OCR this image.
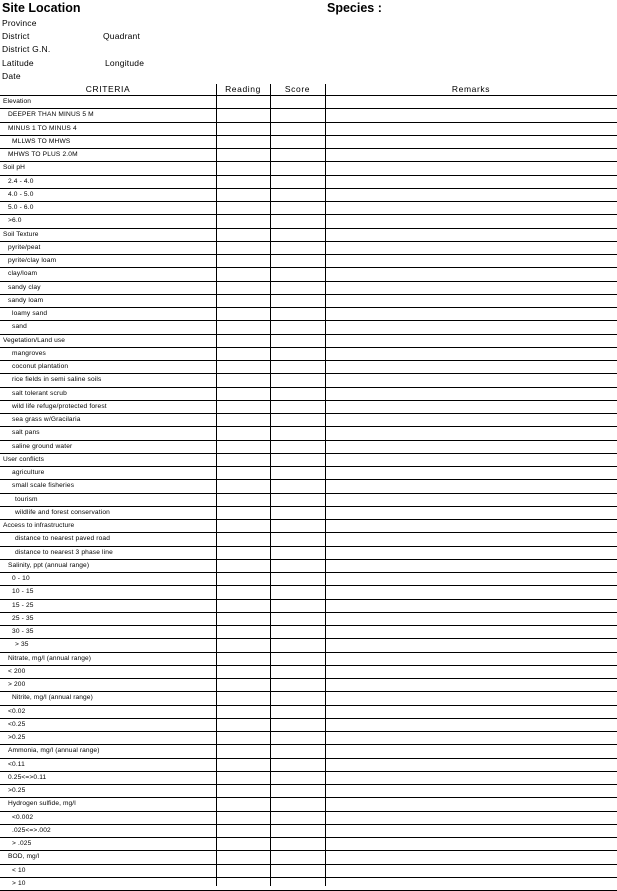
Site Location	Species :
Province
District	Quadrant
District G.N.
Latitude	Longitude
Date
CRITERIA	Reading	Score	Remarks
Elevation
DEEPER THAN MINUS 5 M
MINUS 1 TO MINUS 4
MLLWS TO MHWS
MHWS TO PLUS 2.0M
Soil pH
2.4 - 4.0
4.0 - 5.0
5.0 - 6.0
>6.0
Soil Texture
pyrite/peat
pyrite/clay loam
clay/loam
sandy clay
sandy loam
loamy sand
sand
Vegetation/Land use
mangroves
coconut plantation
rice fields in semi saline soils
salt tolerant scrub
wild life refuge/protected forest
sea grass w/Gracilaria
salt pans
saline ground water
User conflicts
agriculture
small scale fisheries
tourism
wildlife and forest conservation
Access to infrastructure
distance to nearest paved road
distance to nearest 3 phase line
Salinity, ppt (annual range)
0 - 10
10 - 15
15 - 25
25 - 35
30 - 35
> 35
Nitrate, mg/l (annual range)
< 200
> 200
Nitrite, mg/l (annual range)
<0.02
<0.25
>0.25
Ammonia, mg/l (annual range)
<0.11
0.25<=>0.11
>0.25
Hydrogen sulfide, mg/l
<0.002
.025<=>.002
> .025
BOD, mg/l
< 10
> 10
